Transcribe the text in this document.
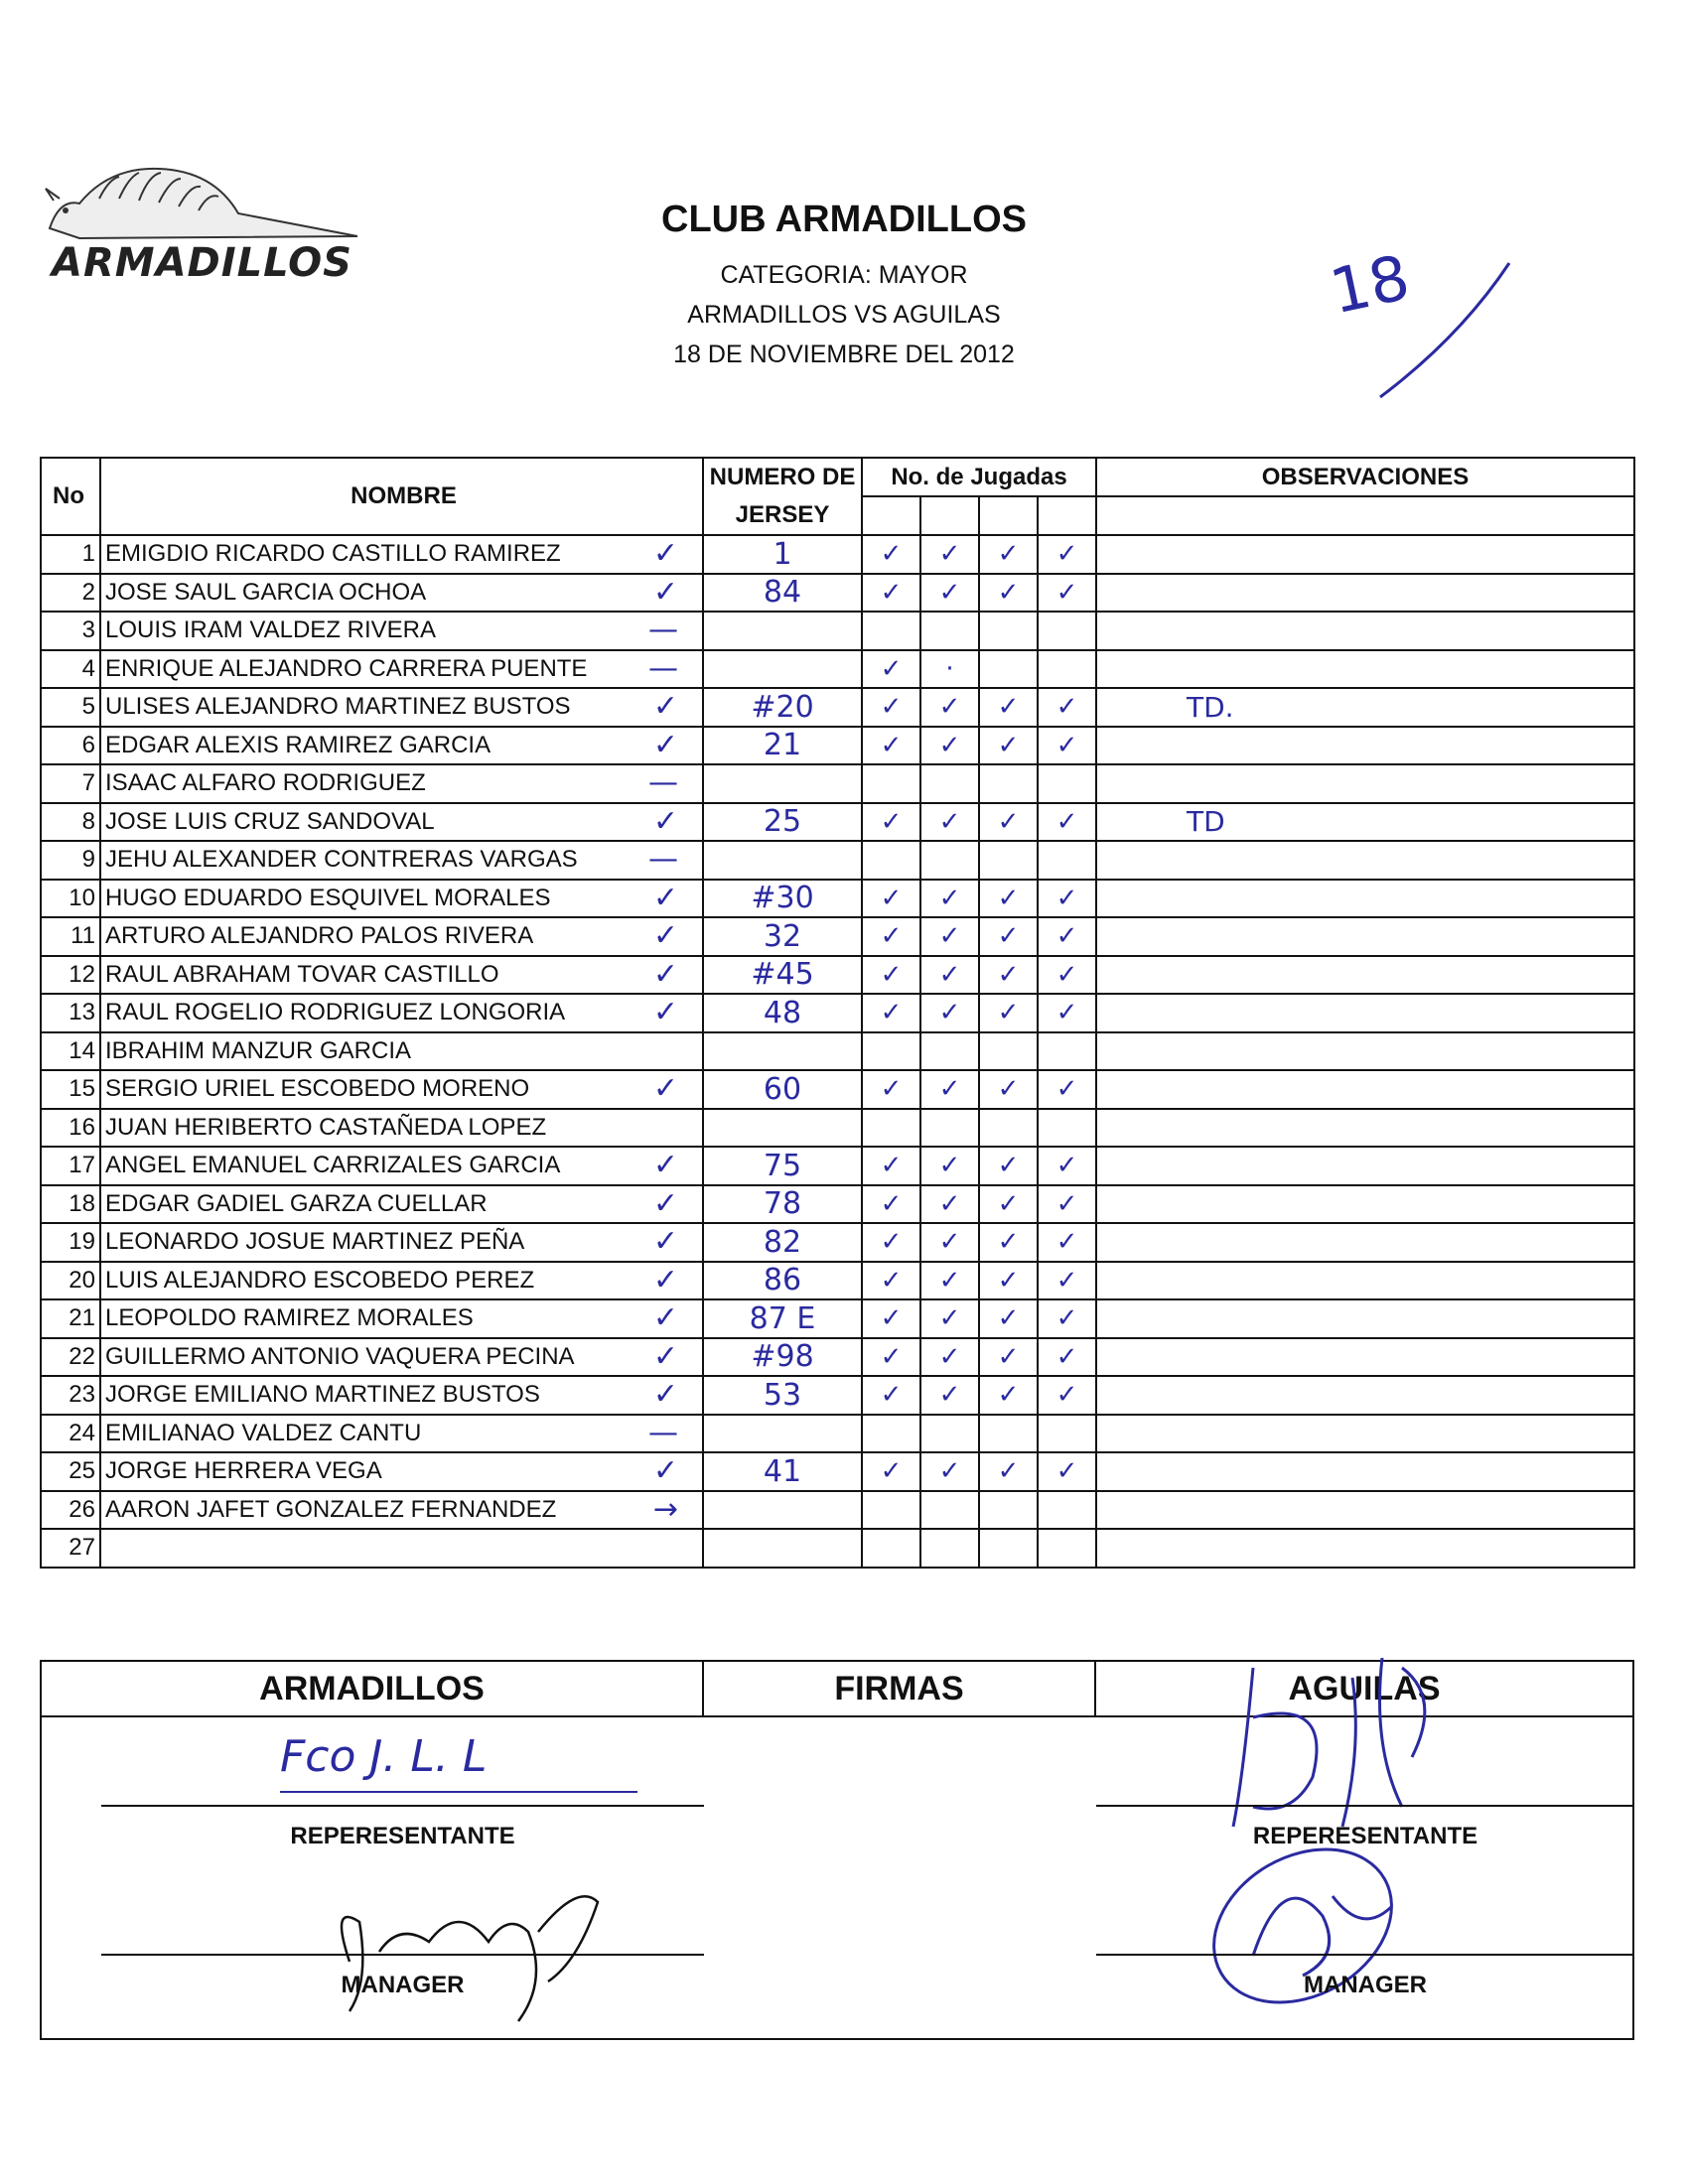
ARMADILLOS
CLUB ARMADILLOS
CATEGORIA: MAYOR
ARMADILLOS VS AGUILAS
18 DE NOVIEMBRE DEL 2012
18
No	NOMBRE	NUMERO DE JERSEY	No. de Jugadas				OBSERVACIONES

1	EMIGDIO RICARDO CASTILLO RAMIREZ ✓	1	✓	✓	✓	✓	
2	JOSE SAUL GARCIA OCHOA ✓	84	✓	✓	✓	✓	
3	LOUIS IRAM VALDEZ RIVERA —						

4	ENRIQUE ALEJANDRO CARRERA PUENTE —		✓	·			
5	ULISES ALEJANDRO MARTINEZ BUSTOS ✓	#20	✓	✓	✓	✓	TD.
6	EDGAR ALEXIS RAMIREZ GARCIA ✓	21	✓	✓	✓	✓	
7	ISAAC ALFARO RODRIGUEZ —						

8	JOSE LUIS CRUZ SANDOVAL ✓	25	✓	✓	✓	✓	TD
9	JEHU ALEXANDER CONTRERAS VARGAS —						

10	HUGO EDUARDO ESQUIVEL MORALES ✓	#30	✓	✓	✓	✓	
11	ARTURO ALEJANDRO PALOS RIVERA ✓	32	✓	✓	✓	✓	
12	RAUL ABRAHAM TOVAR CASTILLO ✓	#45	✓	✓	✓	✓	
13	RAUL ROGELIO RODRIGUEZ LONGORIA ✓	48	✓	✓	✓	✓	
14	IBRAHIM MANZUR GARCIA

15	SERGIO URIEL ESCOBEDO MORENO ✓	60	✓	✓	✓	✓	
16	JUAN HERIBERTO CASTAÑEDA LOPEZ

17	ANGEL EMANUEL CARRIZALES GARCIA ✓	75	✓	✓	✓	✓	
18	EDGAR GADIEL GARZA CUELLAR ✓	78	✓	✓	✓	✓	
19	LEONARDO JOSUE MARTINEZ PEÑA ✓	82	✓	✓	✓	✓	
20	LUIS ALEJANDRO ESCOBEDO PEREZ ✓	86	✓	✓	✓	✓	
21	LEOPOLDO RAMIREZ MORALES ✓	87 E	✓	✓	✓	✓	
22	GUILLERMO ANTONIO VAQUERA PECINA ✓	#98	✓	✓	✓	✓	
23	JORGE EMILIANO MARTINEZ BUSTOS ✓	53	✓	✓	✓	✓	
24	EMILIANAO VALDEZ CANTU —						

25	JORGE HERRERA VEGA ✓	41	✓	✓	✓	✓	
26	AARON JAFET GONZALEZ FERNANDEZ →						

27	

ARMADILLOS	FIRMAS	AGUILAS

Fco J. L. L
REPERESENTANTE
MANAGER
REPERESENTANTE
MANAGER
